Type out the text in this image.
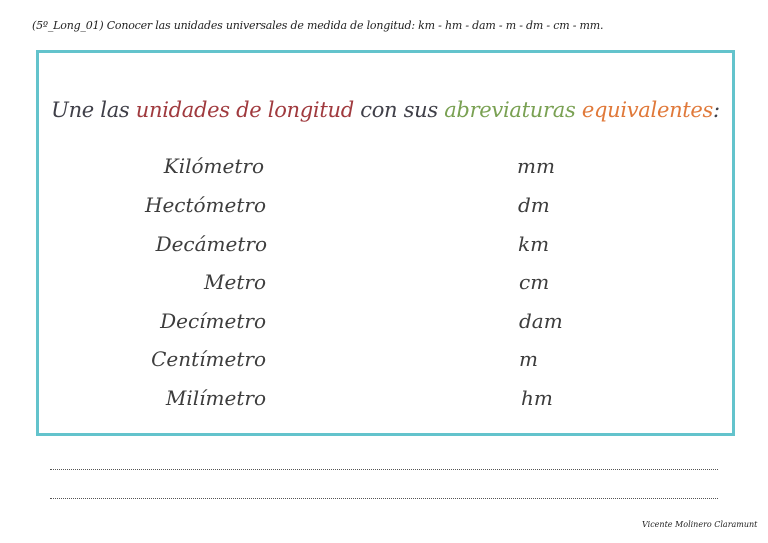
(5º_Long_01) Conocer las unidades universales de medida de longitud: km - hm - dam - m - dm - cm - mm.
Une las unidades de longitud con sus abreviaturas equivalentes:
Kilómetro
Hectómetro
Decámetro
Metro
Decímetro
Centímetro
Milímetro
mm
dm
km
cm
dam
m
hm
Vicente Molinero Claramunt
